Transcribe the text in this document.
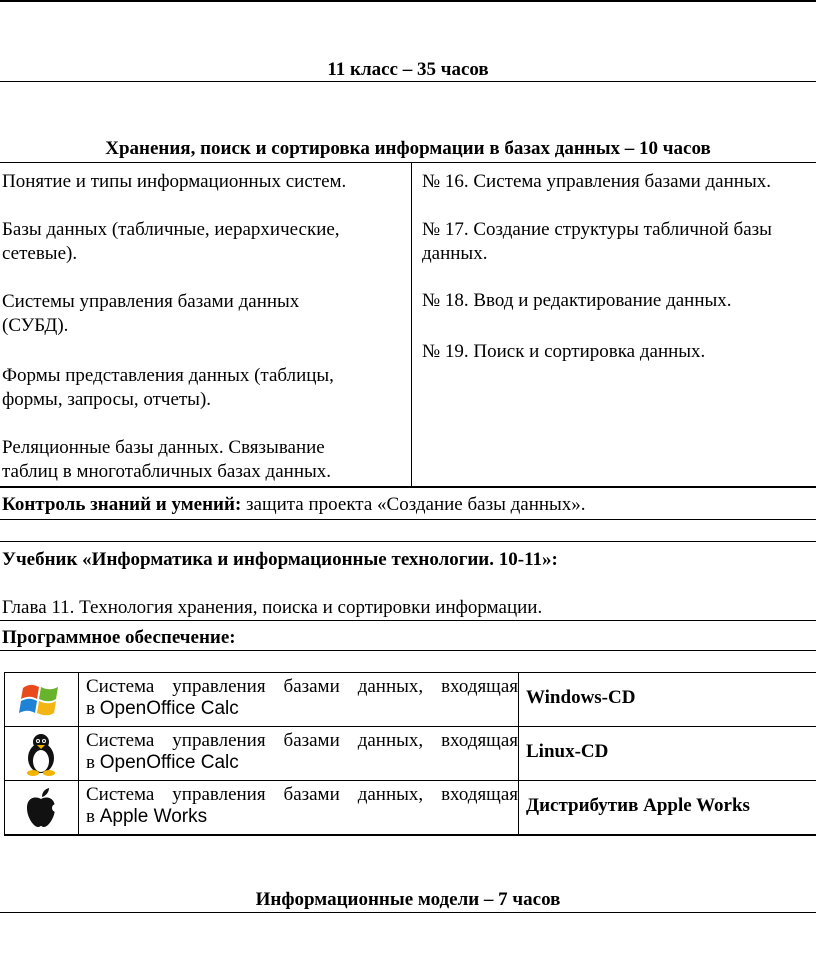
11 класс – 35 часов
Хранения, поиск и сортировка информации в базах данных – 10 часов
Понятие и типы информационных систем.
Базы данных (табличные, иерархические,
сетевые).
Системы управления базами данных
(СУБД).
Формы представления данных (таблицы,
формы, запросы, отчеты).
Реляционные базы данных. Связывание
таблиц в многотабличных базах данных.
№ 16. Система управления базами данных.
№ 17. Создание структуры табличной базы
данных.
№ 18. Ввод и редактирование данных.
№ 19. Поиск и сортировка данных.
Контроль знаний и умений: защита проекта «Создание базы данных».
Учебник «Информатика и информационные технологии. 10-11»:
Глава 11. Технология хранения, поиска и сортировки информации.
Программное обеспечение:
Система управления базами данных, входящая
в OpenOffice Calc
Windows-CD
Система управления базами данных, входящая
в OpenOffice Calc
Linux-CD
Система управления базами данных, входящая
в Apple Works
Дистрибутив Apple Works
Информационные модели – 7 часов
